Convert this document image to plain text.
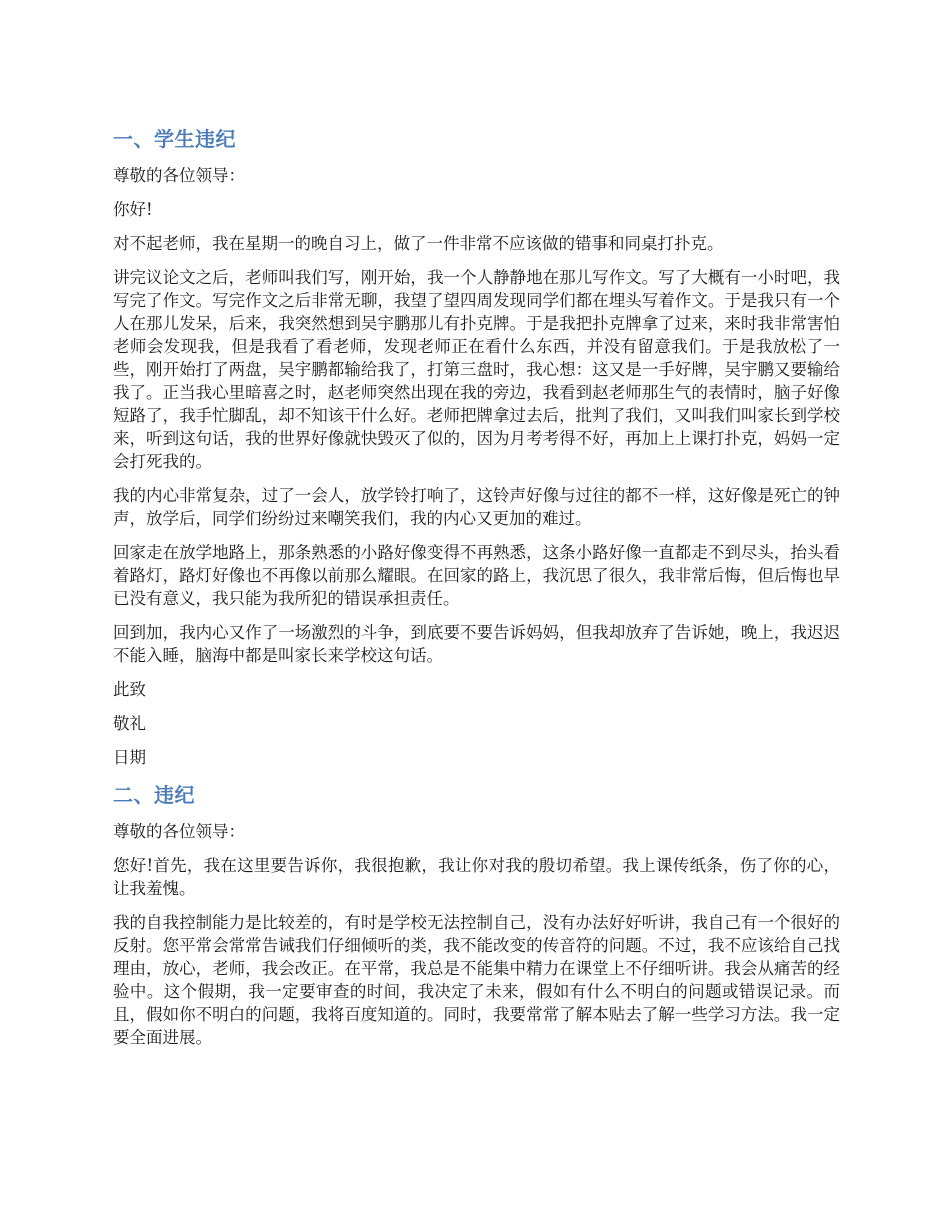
一、学生违纪

尊敬的各位领导：

你好!

对不起老师，我在星期一的晚自习上，做了一件非常不应该做的错事和同桌打扑克。

讲完议论文之后，老师叫我们写，刚开始，我一个人静静地在那儿写作文。写了大概有一小时吧，我写完了作文。写完作文之后非常无聊，我望了望四周发现同学们都在埋头写着作文。于是我只有一个人在那儿发呆，后来，我突然想到吴宇鹏那儿有扑克牌。于是我把扑克牌拿了过来，来时我非常害怕老师会发现我，但是我看了看老师，发现老师正在看什么东西，并没有留意我们。于是我放松了一些，刚开始打了两盘，吴宇鹏都输给我了，打第三盘时，我心想：这又是一手好牌，吴宇鹏又要输给我了。正当我心里暗喜之时，赵老师突然出现在我的旁边，我看到赵老师那生气的表情时，脑子好像短路了，我手忙脚乱，却不知该干什么好。老师把牌拿过去后，批判了我们，又叫我们叫家长到学校来，听到这句话，我的世界好像就快毁灭了似的，因为月考考得不好，再加上上课打扑克，妈妈一定会打死我的。

我的内心非常复杂，过了一会人，放学铃打响了，这铃声好像与过往的都不一样，这好像是死亡的钟声，放学后，同学们纷纷过来嘲笑我们，我的内心又更加的难过。

回家走在放学地路上，那条熟悉的小路好像变得不再熟悉，这条小路好像一直都走不到尽头，抬头看着路灯，路灯好像也不再像以前那么耀眼。在回家的路上，我沉思了很久，我非常后悔，但后悔也早已没有意义，我只能为我所犯的错误承担责任。

回到加，我内心又作了一场激烈的斗争，到底要不要告诉妈妈，但我却放弃了告诉她，晚上，我迟迟不能入睡，脑海中都是叫家长来学校这句话。

此致

敬礼

日期

二、违纪

尊敬的各位领导：

您好!首先，我在这里要告诉你，我很抱歉，我让你对我的殷切希望。我上课传纸条，伤了你的心，让我羞愧。

我的自我控制能力是比较差的，有时是学校无法控制自己，没有办法好好听讲，我自己有一个很好的反射。您平常会常常告诫我们仔细倾听的类，我不能改变的传音符的问题。不过，我不应该给自己找理由，放心，老师，我会改正。在平常，我总是不能集中精力在课堂上不仔细听讲。我会从痛苦的经验中。这个假期，我一定要审查的时间，我决定了未来，假如有什么不明白的问题或错误记录。而且，假如你不明白的问题，我将百度知道的。同时，我要常常了解本贴去了解一些学习方法。我一定要全面进展。
